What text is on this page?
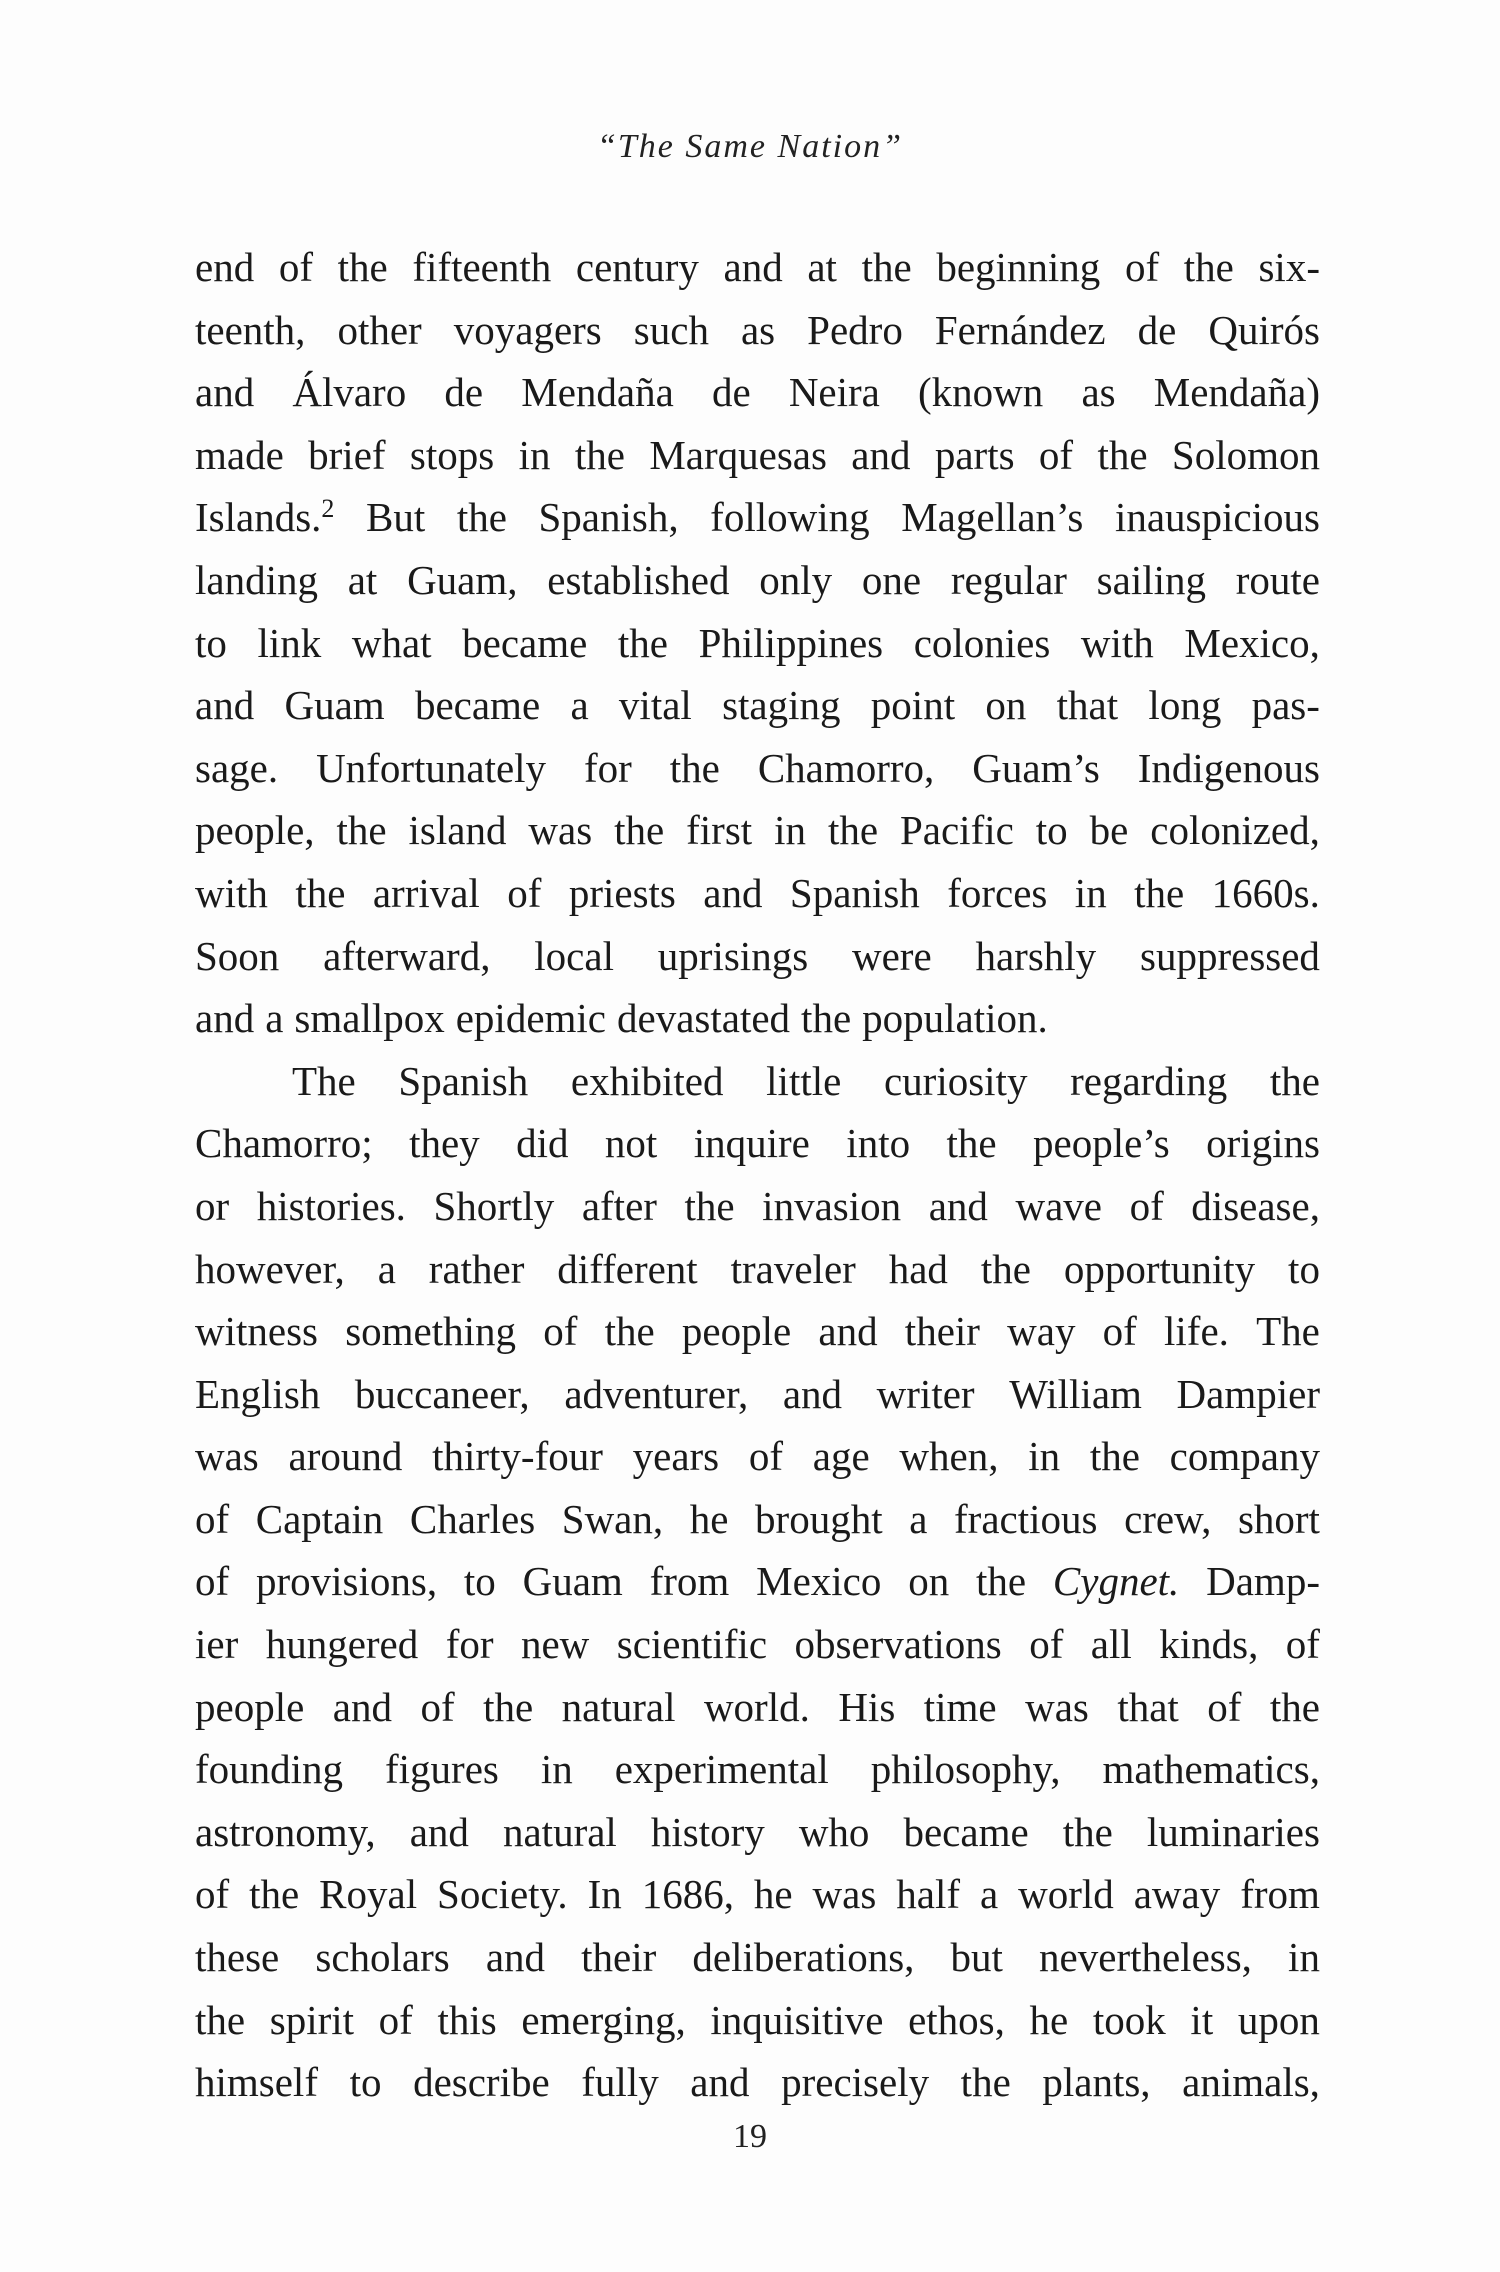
“The Same Nation”
end of the fifteenth century and at the beginning of the six-
teenth, other voyagers such as Pedro Fernández de Quirós
and Álvaro de Mendaña de Neira (known as Mendaña)
made brief stops in the Marquesas and parts of the Solomon
Islands.$^2$ But the Spanish, following Magellan’s inauspicious
landing at Guam, established only one regular sailing route
to link what became the Philippines colonies with Mexico,
and Guam became a vital staging point on that long pas-
sage. Unfortunately for the Chamorro, Guam’s Indigenous
people, the island was the first in the Pacific to be colonized,
with the arrival of priests and Spanish forces in the 1660s.
Soon afterward, local uprisings were harshly suppressed
and a smallpox epidemic devastated the population.
The Spanish exhibited little curiosity regarding the
Chamorro; they did not inquire into the people’s origins
or histories. Shortly after the invasion and wave of disease,
however, a rather different traveler had the opportunity to
witness something of the people and their way of life. The
English buccaneer, adventurer, and writer William Dampier
was around thirty-four years of age when, in the company
of Captain Charles Swan, he brought a fractious crew, short
of provisions, to Guam from Mexico on the Cygnet. Damp-
ier hungered for new scientific observations of all kinds, of
people and of the natural world. His time was that of the
founding figures in experimental philosophy, mathematics,
astronomy, and natural history who became the luminaries
of the Royal Society. In 1686, he was half a world away from
these scholars and their deliberations, but nevertheless, in
the spirit of this emerging, inquisitive ethos, he took it upon
himself to describe fully and precisely the plants, animals,
19
